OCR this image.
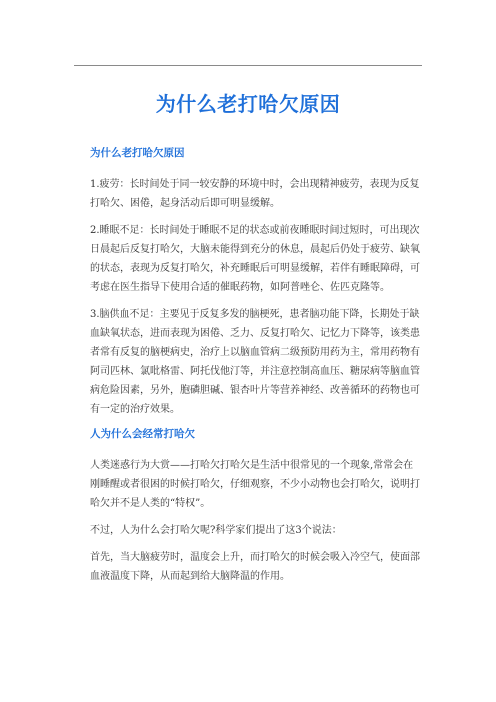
为什么老打哈欠原因
为什么老打哈欠原因

1.疲劳：长时间处于同一较安静的环境中时，会出现精神疲劳，表现为反复打哈欠、困倦，起身活动后即可明显缓解。

2.睡眠不足：长时间处于睡眠不足的状态或前夜睡眠时间过短时，可出现次日晨起后反复打哈欠，大脑未能得到充分的休息，晨起后仍处于疲劳、缺氧的状态，表现为反复打哈欠，补充睡眠后可明显缓解，若伴有睡眠障碍，可考虑在医生指导下使用合适的催眠药物，如阿普唑仑、佐匹克隆等。

3.脑供血不足：主要见于反复多发的脑梗死，患者脑功能下降，长期处于缺血缺氧状态，进而表现为困倦、乏力、反复打哈欠、记忆力下降等，该类患者常有反复的脑梗病史，治疗上以脑血管病二级预防用药为主，常用药物有阿司匹林、氯吡格雷、阿托伐他汀等，并注意控制高血压、糖尿病等脑血管病危险因素，另外，胞磷胆碱、银杏叶片等营养神经、改善循环的药物也可有一定的治疗效果。

人为什么会经常打哈欠

人类迷惑行为大赏——打哈欠打哈欠是生活中很常见的一个现象,常常会在刚睡醒或者很困的时候打哈欠，仔细观察，不少小动物也会打哈欠，说明打哈欠并不是人类的“特权”。

不过，人为什么会打哈欠呢?科学家们提出了这3个说法：

首先，当大脑疲劳时，温度会上升，而打哈欠的时候会吸入冷空气，使面部血液温度下降，从而起到给大脑降温的作用。
